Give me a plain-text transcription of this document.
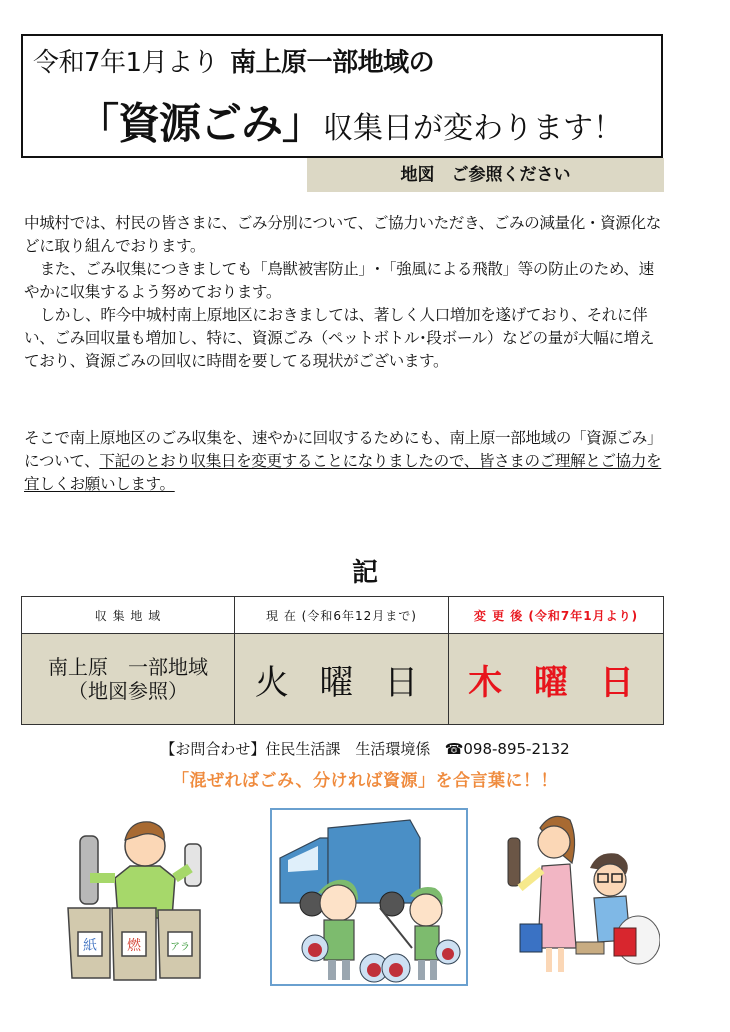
令和7年1月より 南上原一部地域の
「資源ごみ」収集日が変わります！
地図　ご参照ください

中城村では、村民の皆さまに、ごみ分別について、ご協力いただき、ごみの減量化・資源化などに取り組んでおります。

また、ごみ収集につきましても「鳥獣被害防止」･「強風による飛散」等の防止のため、速やかに収集するよう努めております。

しかし、昨今中城村南上原地区におきましては、著しく人口増加を遂げており、それに伴い、ごみ回収量も増加し、特に、資源ごみ（ペットボトル･段ボール）などの量が大幅に増えており、資源ごみの回収に時間を要してる現状がございます。

そこで南上原地区のごみ収集を、速やかに回収するためにも、南上原一部地域の「資源ごみ」について、下記のとおり収集日を変更することになりましたので、皆さまのご理解とご協力を宜しくお願いします。

記
収 集 地 域	現 在 (令和6年12月まで)	変 更 後 (令和7年1月より)

南上原　一部地域
（地図参照）	火 曜 日	木 曜 日
【お問合わせ】住民生活課　生活環境係 ☎098-895-2132
「混ぜればごみ、分ければ資源」を合言葉に！！
紙 燃	アラ
